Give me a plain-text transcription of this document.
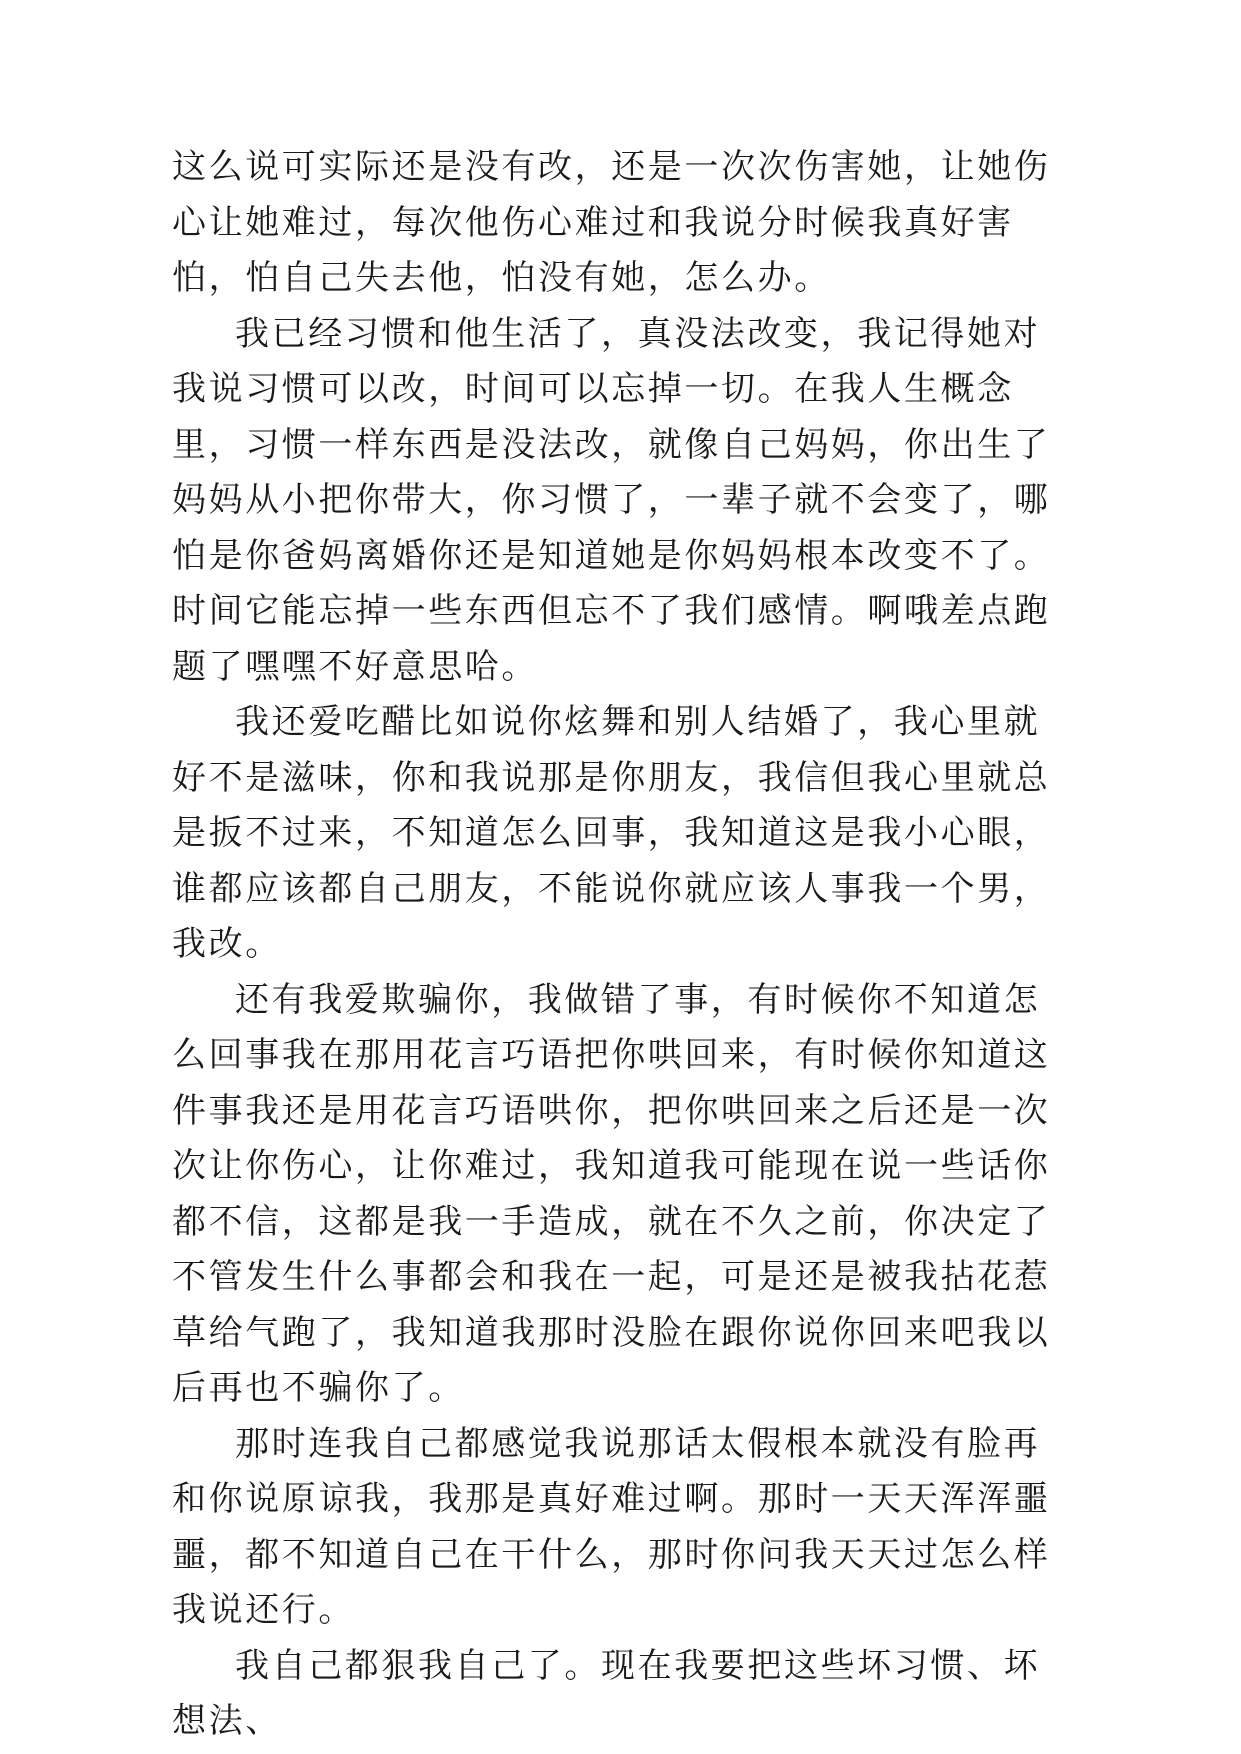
这么说可实际还是没有改，还是一次次伤害她，让她伤心让她难过，每次他伤心难过和我说分时候我真好害怕，怕自己失去他，怕没有她，怎么办。

我已经习惯和他生活了，真没法改变，我记得她对我说习惯可以改，时间可以忘掉一切。在我人生概念里，习惯一样东西是没法改，就像自己妈妈，你出生了妈妈从小把你带大，你习惯了，一辈子就不会变了，哪怕是你爸妈离婚你还是知道她是你妈妈根本改变不了。时间它能忘掉一些东西但忘不了我们感情。啊哦差点跑题了嘿嘿不好意思哈。

我还爱吃醋比如说你炫舞和别人结婚了，我心里就好不是滋味，你和我说那是你朋友，我信但我心里就总是扳不过来，不知道怎么回事，我知道这是我小心眼，谁都应该都自己朋友，不能说你就应该人事我一个男，我改。

还有我爱欺骗你，我做错了事，有时候你不知道怎么回事我在那用花言巧语把你哄回来，有时候你知道这件事我还是用花言巧语哄你，把你哄回来之后还是一次次让你伤心，让你难过，我知道我可能现在说一些话你都不信，这都是我一手造成，就在不久之前，你决定了不管发生什么事都会和我在一起，可是还是被我拈花惹草给气跑了，我知道我那时没脸在跟你说你回来吧我以后再也不骗你了。

那时连我自己都感觉我说那话太假根本就没有脸再和你说原谅我，我那是真好难过啊。那时一天天浑浑噩噩，都不知道自己在干什么，那时你问我天天过怎么样我说还行。

我自己都狠我自己了。现在我要把这些坏习惯、坏想法、
